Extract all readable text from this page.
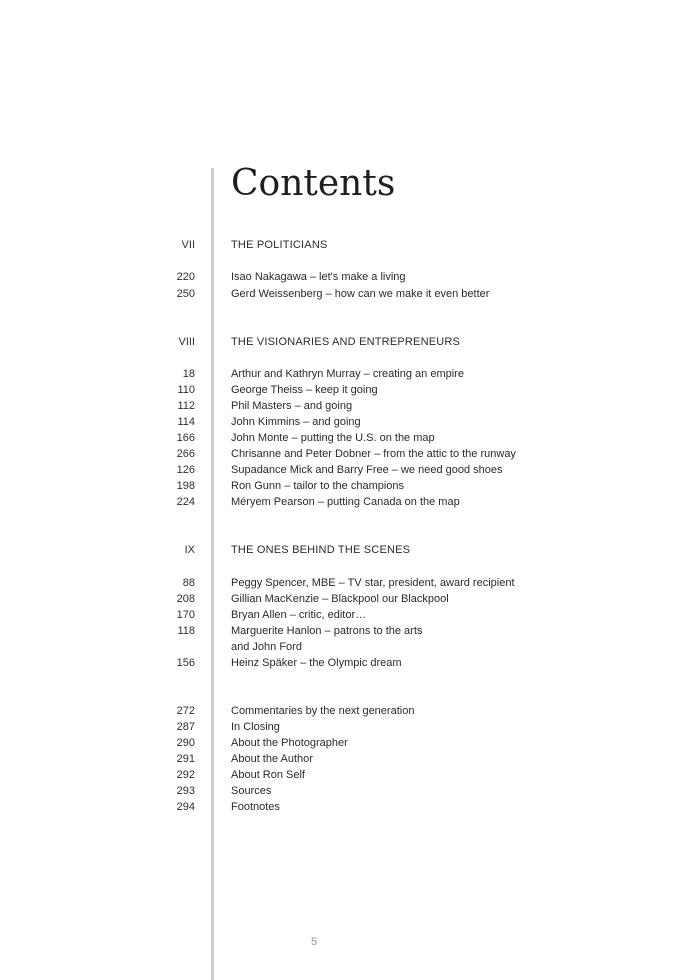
Contents
VII	THE POLITICIANS
220	Isao Nakagawa – let's make a living
250	Gerd Weissenberg – how can we make it even better
VIII	THE VISIONARIES AND ENTREPRENEURS
18	Arthur and Kathryn Murray – creating an empire
110	George Theiss – keep it going
112	Phil Masters – and going
114	John Kimmins – and going
166	John Monte – putting the U.S. on the map
266	Chrisanne and Peter Dobner – from the attic to the runway
126	Supadance Mick and Barry Free – we need good shoes
198	Ron Gunn – tailor to the champions
224	Méryem Pearson – putting Canada on the map
IX	THE ONES BEHIND THE SCENES
88	Peggy Spencer, MBE – TV star, president, award recipient
208	Gillian MacKenzie – Blackpool our Blackpool
170	Bryan Allen – critic, editor…
118	Marguerite Hanlon – patrons to the arts
and John Ford
156	Heinz Späker – the Olympic dream
272	Commentaries by the next generation
287	In Closing
290	About the Photographer
291	About the Author
292	About Ron Self
293	Sources
294	Footnotes
5
